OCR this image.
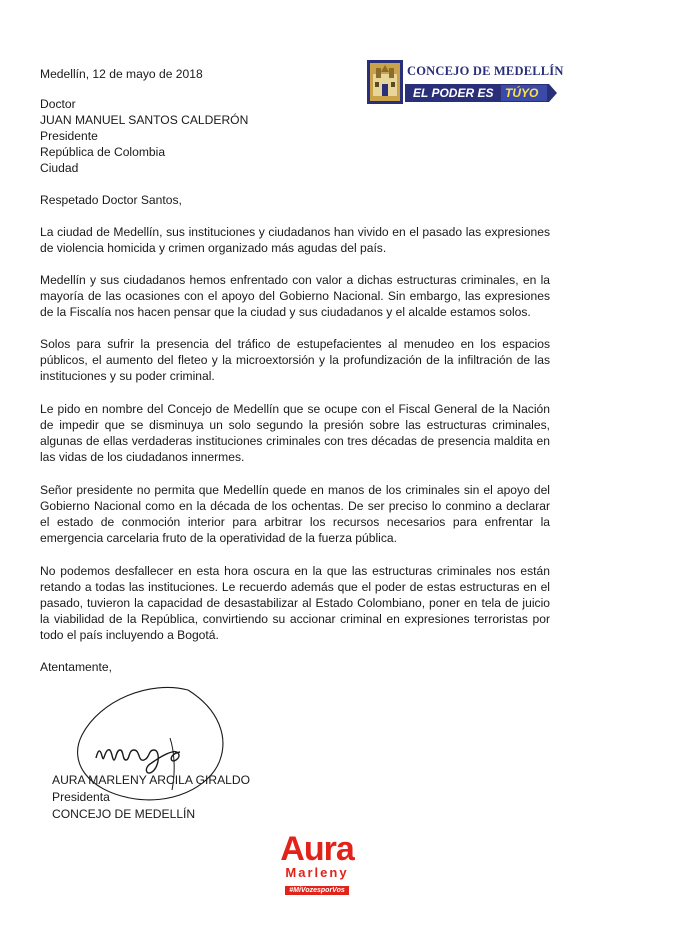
Medellín, 12 de mayo de 2018	CONCEJO DE MEDELLÍN
EL PODER ES TÚYO
Doctor
JUAN MANUEL SANTOS CALDERÓN
Presidente
República de Colombia
Ciudad
Respetado Doctor Santos,
La ciudad de Medellín, sus instituciones y ciudadanos han vivido en el pasado las expresiones de violencia homicida y crimen organizado más agudas del país.
Medellín y sus ciudadanos hemos enfrentado con valor a dichas estructuras criminales, en la mayoría de las ocasiones con el apoyo del Gobierno Nacional. Sin embargo, las expresiones de la Fiscalía nos hacen pensar que la ciudad y sus ciudadanos y el alcalde estamos solos.
Solos para sufrir la presencia del tráfico de estupefacientes al menudeo en los espacios públicos, el aumento del fleteo y la microextorsión y la profundización de la infiltración de las instituciones y su poder criminal.
Le pido en nombre del Concejo de Medellín que se ocupe con el Fiscal General de la Nación de impedir que se disminuya un solo segundo la presión sobre las estructuras criminales, algunas de ellas verdaderas instituciones criminales con tres décadas de presencia maldita en las vidas de los ciudadanos innermes.
Señor presidente no permita que Medellín quede en manos de los criminales sin el apoyo del Gobierno Nacional como en la década de los ochentas. De ser preciso lo conmino a declarar el estado de conmoción interior para arbitrar los recursos necesarios para enfrentar la emergencia carcelaria fruto de la operatividad de la fuerza pública.
No podemos desfallecer en esta hora oscura en la que las estructuras criminales nos están retando a todas las instituciones. Le recuerdo además que el poder de estas estructuras en el pasado, tuvieron la capacidad de desastabilizar al Estado Colombiano, poner en tela de juicio la viabilidad de la República, convirtiendo su accionar criminal en expresiones terroristas por todo el país incluyendo a Bogotá.
Atentamente,
AURA MARLENY ARCILA GIRALDO
Presidenta
CONCEJO DE MEDELLÍN
Aura
Marleny
#MiVozesporVos
